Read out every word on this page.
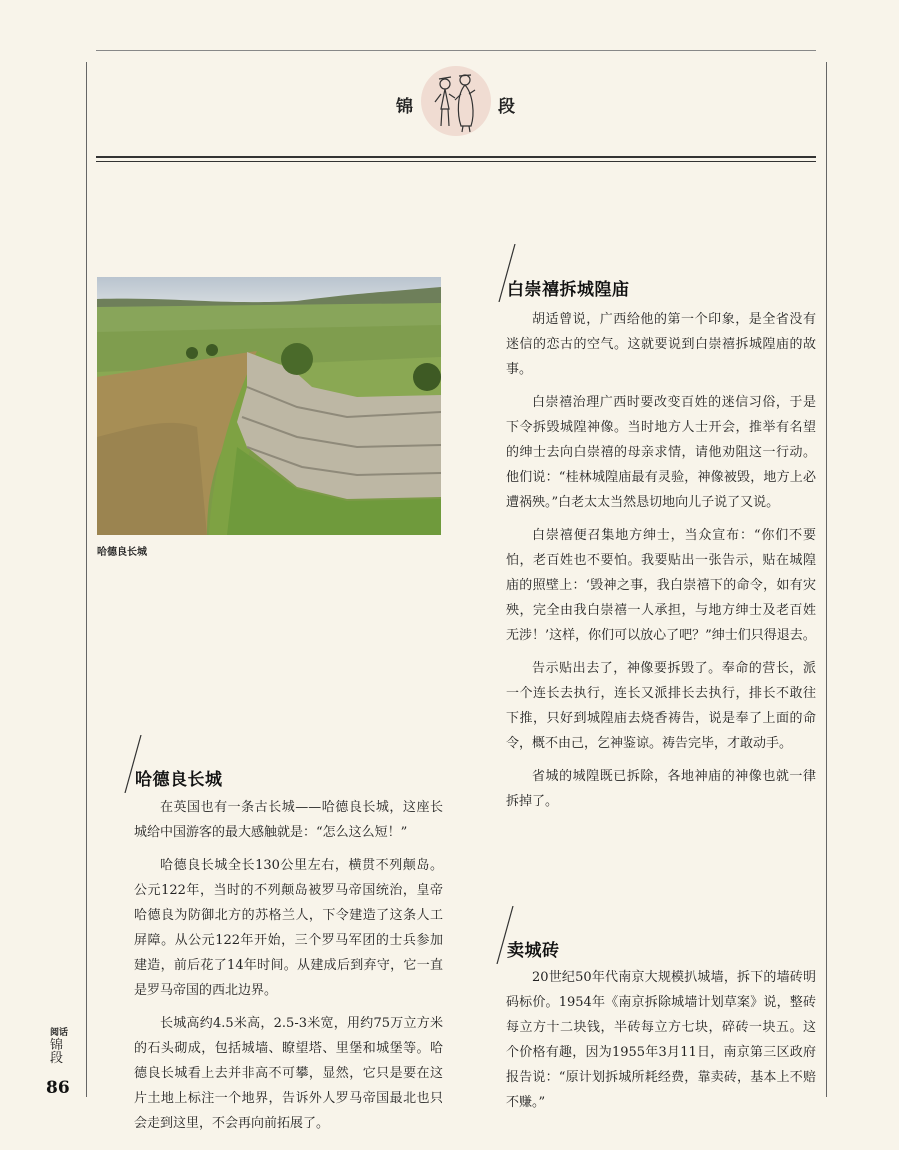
锦	段
哈德良长城
白崇禧拆城隍庙

胡适曾说，广西给他的第一个印象，是全省没有迷信的恋古的空气。这就要说到白崇禧拆城隍庙的故事。

白崇禧治理广西时要改变百姓的迷信习俗，于是下令拆毁城隍神像。当时地方人士开会，推举有名望的绅士去向白崇禧的母亲求情，请他劝阻这一行动。他们说：“桂林城隍庙最有灵验，神像被毁，地方上必遭祸殃。”白老太太当然恳切地向儿子说了又说。

白崇禧便召集地方绅士，当众宣布：“你们不要怕，老百姓也不要怕。我要贴出一张告示，贴在城隍庙的照壁上：‘毁神之事，我白崇禧下的命令，如有灾殃，完全由我白崇禧一人承担，与地方绅士及老百姓无涉！’这样，你们可以放心了吧？”绅士们只得退去。

告示贴出去了，神像要拆毁了。奉命的营长，派一个连长去执行，连长又派排长去执行，排长不敢往下推，只好到城隍庙去烧香祷告，说是奉了上面的命令，概不由己，乞神鉴谅。祷告完毕，才敢动手。

省城的城隍既已拆除，各地神庙的神像也就一律拆掉了。

哈德良长城

在英国也有一条古长城——哈德良长城，这座长城给中国游客的最大感触就是：“怎么这么短！”

哈德良长城全长130公里左右，横贯不列颠岛。公元122年，当时的不列颠岛被罗马帝国统治，皇帝哈德良为防御北方的苏格兰人，下令建造了这条人工屏障。从公元122年开始，三个罗马军团的士兵参加建造，前后花了14年时间。从建成后到弃守，它一直是罗马帝国的西北边界。

长城高约4.5米高，2.5-3米宽，用约75万立方米的石头砌成，包括城墙、瞭望塔、里堡和城堡等。哈德良长城看上去并非高不可攀，显然，它只是要在这片土地上标注一个地界，告诉外人罗马帝国最北也只会走到这里，不会再向前拓展了。

卖城砖

20世纪50年代南京大规模扒城墙，拆下的墙砖明码标价。1954年《南京拆除城墙计划草案》说，整砖每立方十二块钱，半砖每立方七块，碎砖一块五。这个价格有趣，因为1955年3月11日，南京第三区政府报告说：“原计划拆城所耗经费，靠卖砖，基本上不赔不赚。”

阅话
锦
段
86
